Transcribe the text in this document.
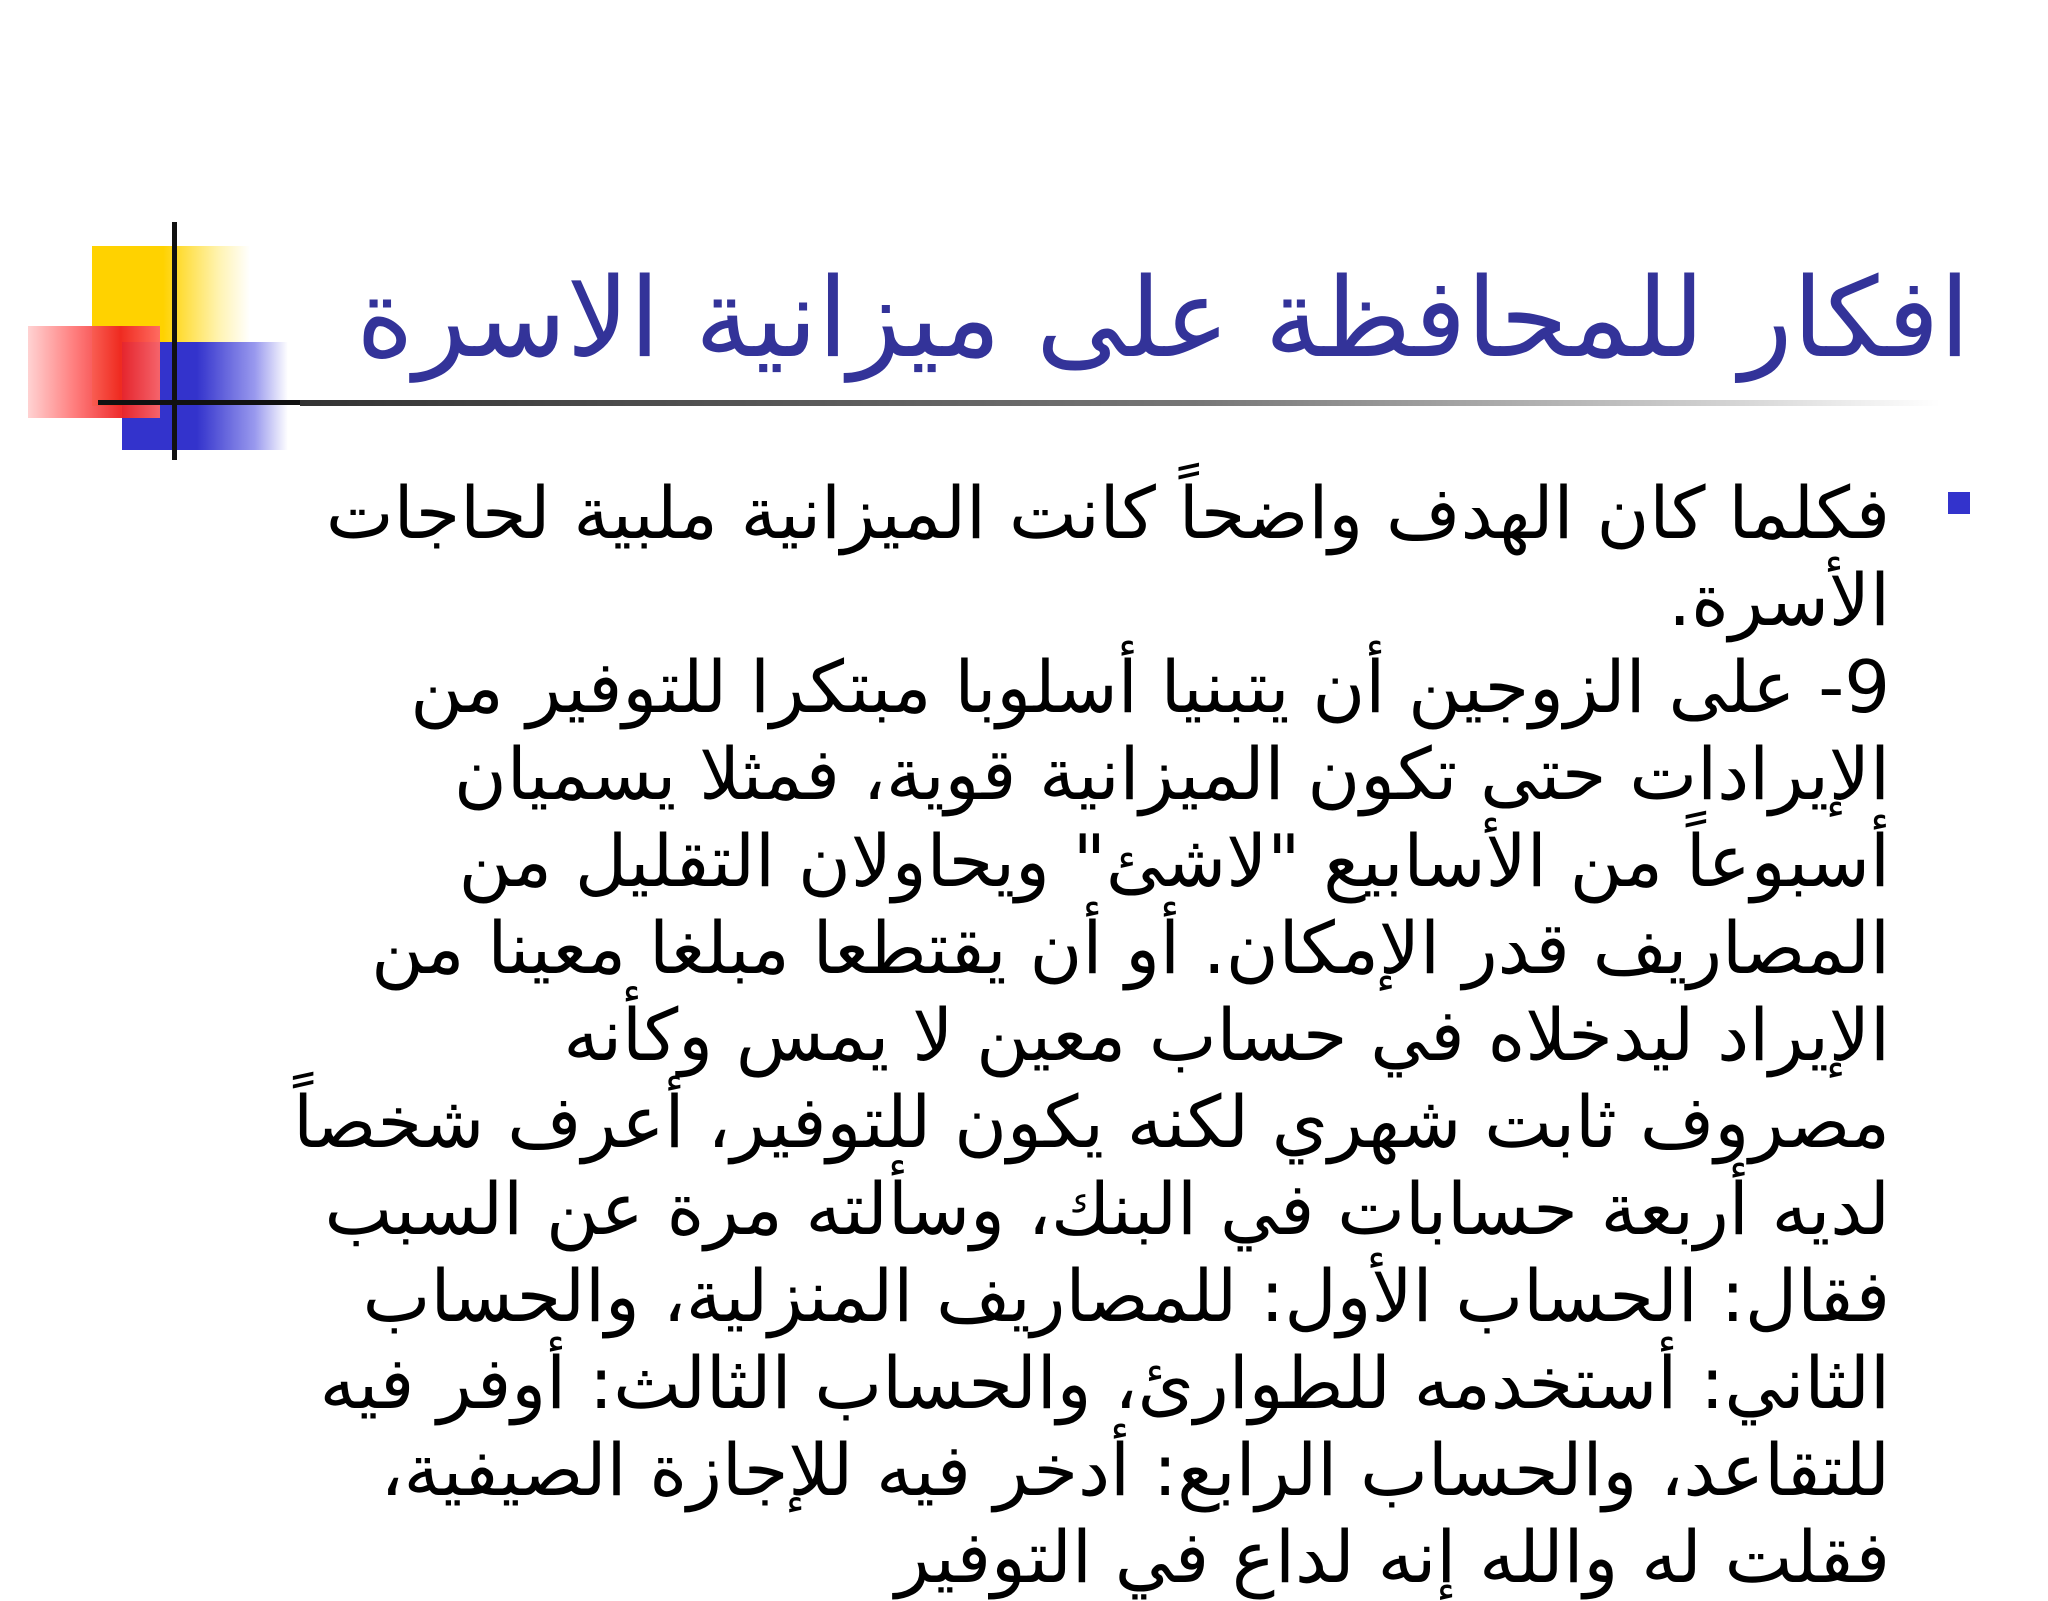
افكار للمحافظة على ميزانية الاسرة
فكلما كان الهدف واضحاً كانت الميزانية ملبية لحاجات
الأسرة.
9- على الزوجين أن يتبنيا أسلوبا مبتكرا للتوفير من
الإيرادات حتى تكون الميزانية قوية، فمثلا يسميان
أسبوعاً من الأسابيع "لاشئ" ويحاولان التقليل من
المصاريف قدر الإمكان. أو أن يقتطعا مبلغا معينا من
الإيراد ليدخلاه في حساب معين لا يمس وكأنه
مصروف ثابت شهري لكنه يكون للتوفير، أعرف شخصاً
لديه أربعة حسابات في البنك، وسألته مرة عن السبب
فقال: الحساب الأول: للمصاريف المنزلية، والحساب
الثاني: أستخدمه للطوارئ، والحساب الثالث: أوفر فيه
للتقاعد، والحساب الرابع: أدخر فيه للإجازة الصيفية،
فقلت له والله إنه لداعٍ في التوفير
